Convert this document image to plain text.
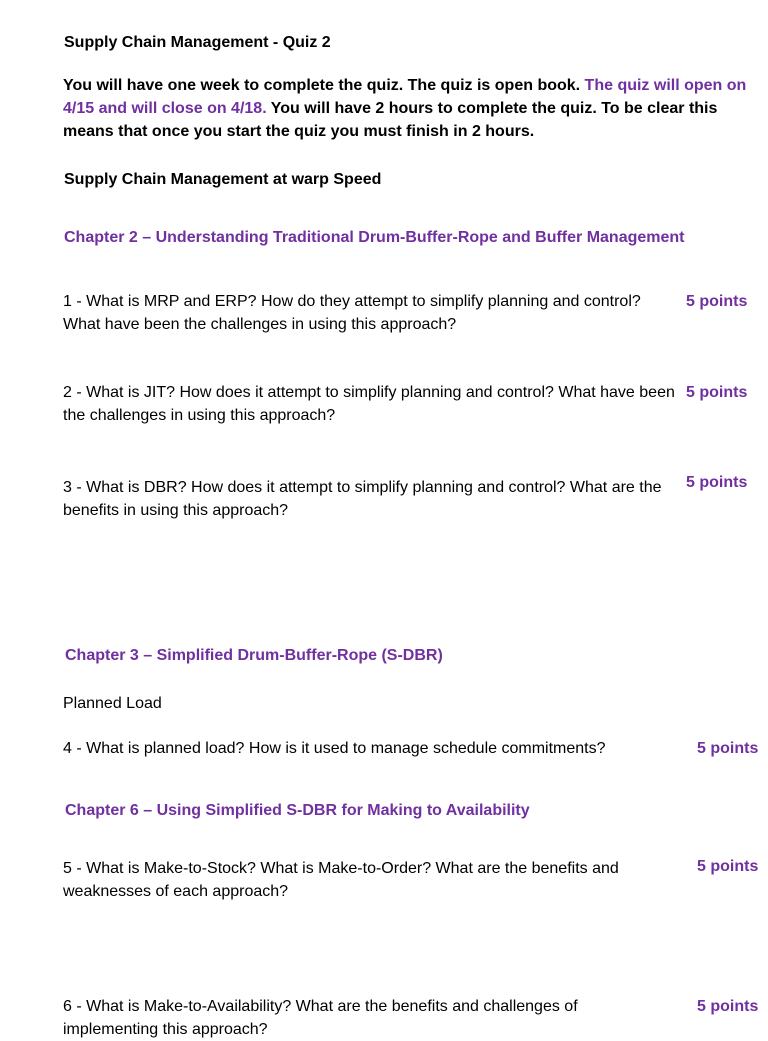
Supply Chain Management - Quiz 2
You will have one week to complete the quiz. The quiz is open book. The quiz will open on 4/15 and will close on 4/18. You will have 2 hours to complete the quiz. To be clear this means that once you start the quiz you must finish in 2 hours.
Supply Chain Management at warp Speed
Chapter 2 – Understanding Traditional Drum-Buffer-Rope and Buffer Management
1 - What is MRP and ERP? How do they attempt to simplify planning and control? What have been the challenges in using this approach?
5 points
2 - What is JIT? How does it attempt to simplify planning and control? What have been the challenges in using this approach?
5 points
3 - What is DBR? How does it attempt to simplify planning and control? What are the benefits in using this approach?
5 points
Chapter 3 – Simplified Drum-Buffer-Rope (S-DBR)
Planned Load
4 - What is planned load? How is it used to manage schedule commitments?	5 points
Chapter 6 – Using Simplified S-DBR for Making to Availability
5 - What is Make-to-Stock? What is Make-to-Order? What are the benefits and weaknesses of each approach?
5 points
6 - What is Make-to-Availability? What are the benefits and challenges of implementing this approach?
5 points
